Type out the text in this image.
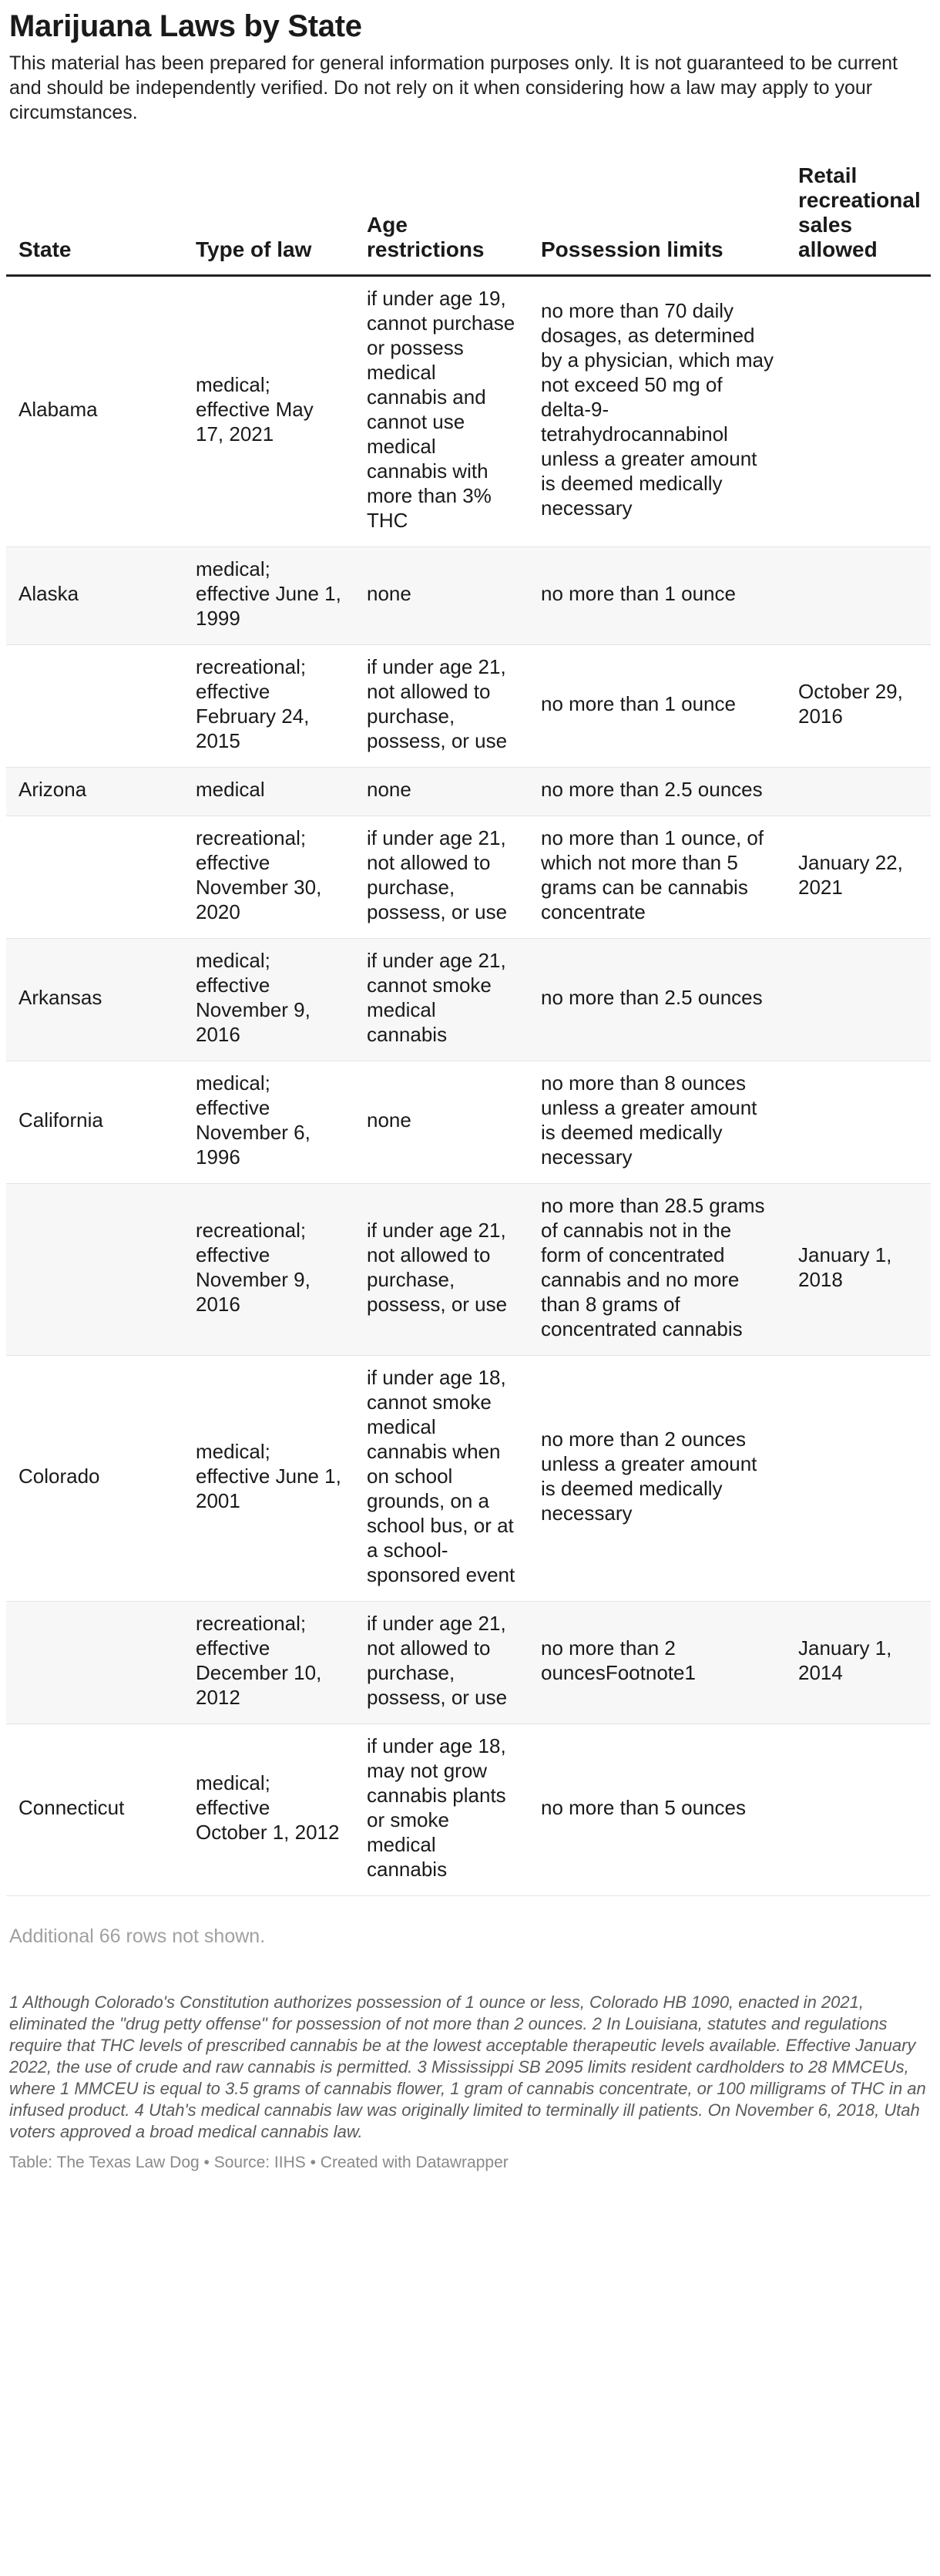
Marijuana Laws by State

This material has been prepared for general information purposes only. It is not guaranteed to be current and should be independently verified. Do not rely on it when considering how a law may apply to your circumstances.

State	Type of law	Age restrictions	Possession limits	Retail recreational sales allowed
Alabama	medical; effective May 17, 2021	if under age 19, cannot purchase or possess medical cannabis and cannot use medical cannabis with more than 3% THC	no more than 70 daily dosages, as determined by a physician, which may not exceed 50 mg of delta-9-tetrahydrocannabinol unless a greater amount is deemed medically necessary	
Alaska	medical; effective June 1, 1999	none	no more than 1 ounce	
	recreational; effective February 24, 2015	if under age 21, not allowed to purchase, possess, or use	no more than 1 ounce	October 29, 2016
Arizona	medical	none	no more than 2.5 ounces	
	recreational; effective November 30, 2020	if under age 21, not allowed to purchase, possess, or use	no more than 1 ounce, of which not more than 5 grams can be cannabis concentrate	January 22, 2021
Arkansas	medical; effective November 9, 2016	if under age 21, cannot smoke medical cannabis	no more than 2.5 ounces	
California	medical; effective November 6, 1996	none	no more than 8 ounces unless a greater amount is deemed medically necessary	
	recreational; effective November 9, 2016	if under age 21, not allowed to purchase, possess, or use	no more than 28.5 grams of cannabis not in the form of concentrated cannabis and no more than 8 grams of concentrated cannabis	January 1, 2018
Colorado	medical; effective June 1, 2001	if under age 18, cannot smoke medical cannabis when on school grounds, on a school bus, or at a school-sponsored event	no more than 2 ounces unless a greater amount is deemed medically necessary	
	recreational; effective December 10, 2012	if under age 21, not allowed to purchase, possess, or use	no more than 2 ouncesFootnote1	January 1, 2014
Connecticut	medical; effective October 1, 2012	if under age 18, may not grow cannabis plants or smoke medical cannabis	no more than 5 ounces	
Additional 66 rows not shown.

1 Although Colorado's Constitution authorizes possession of 1 ounce or less, Colorado HB 1090, enacted in 2021, eliminated the "drug petty offense" for possession of not more than 2 ounces. 2 In Louisiana, statutes and regulations require that THC levels of prescribed cannabis be at the lowest acceptable therapeutic levels available. Effective January 2022, the use of crude and raw cannabis is permitted. 3 Mississippi SB 2095 limits resident cardholders to 28 MMCEUs, where 1 MMCEU is equal to 3.5 grams of cannabis flower, 1 gram of cannabis concentrate, or 100 milligrams of THC in an infused product. 4 Utah's medical cannabis law was originally limited to terminally ill patients. On November 6, 2018, Utah voters approved a broad medical cannabis law.

Table: The Texas Law Dog • Source: IIHS • Created with Datawrapper
